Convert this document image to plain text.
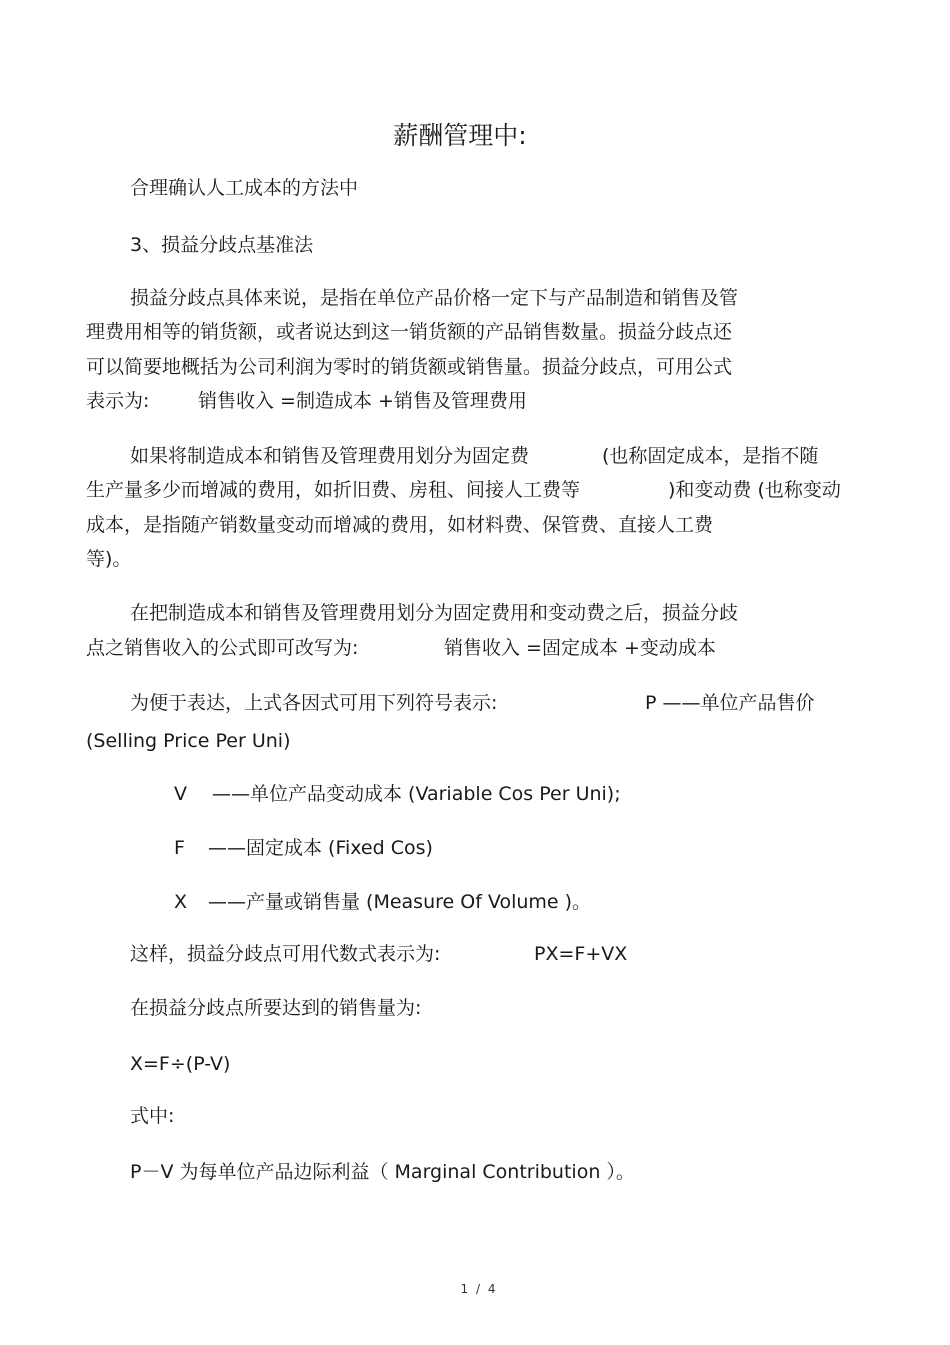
薪酬管理中:
合理确认人工成本的方法中
3、损益分歧点基准法
损益分歧点具体来说，是指在单位产品价格一定下与产品制造和销售及管
理费用相等的销货额，或者说达到这一销货额的产品销售数量。损益分歧点还
可以简要地概括为公司利润为零时的销货额或销售量。损益分歧点，可用公式
表示为:	销售收入 =制造成本 +销售及管理费用
如果将制造成本和销售及管理费用划分为固定费	(也称固定成本，是指不随
生产量多少而增减的费用，如折旧费、房租、间接人工费等	)和变动费 (也称变动
成本，是指随产销数量变动而增减的费用，如材料费、保管费、直接人工费
等)。
在把制造成本和销售及管理费用划分为固定费用和变动费之后，损益分歧
点之销售收入的公式即可改写为:	销售收入 =固定成本 +变动成本
为便于表达，上式各因式可用下列符号表示:	P ——单位产品售价
(Selling Price Per Uni)
V ——单位产品变动成本 (Variable Cos Per Uni);
F ——固定成本 (Fixed Cos)
X ——产量或销售量 (Measure Of Volume )。
这样，损益分歧点可用代数式表示为:	PX=F+VX
在损益分歧点所要达到的销售量为:
X=F÷(P-V)
式中:
P－V 为每单位产品边际利益（ Marginal Contribution ）。
1 / 4
